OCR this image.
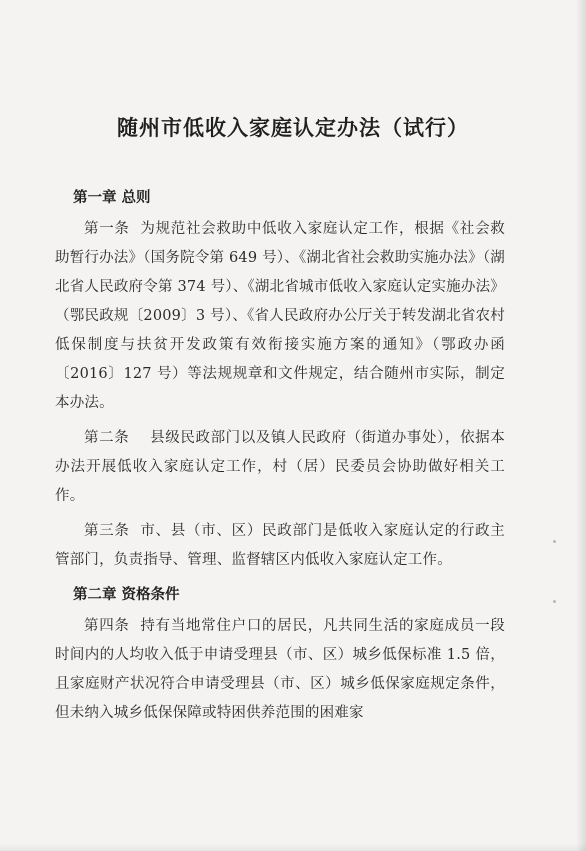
随州市低收入家庭认定办法（试行）
第一章 总则

第一条 为规范社会救助中低收入家庭认定工作，根据《社会救助暂行办法》（国务院令第 649 号）、《湖北省社会救助实施办法》（湖北省人民政府令第 374 号）、《湖北省城市低收入家庭认定实施办法》（鄂民政规〔2009〕3 号）、《省人民政府办公厅关于转发湖北省农村低保制度与扶贫开发政策有效衔接实施方案的通知》（鄂政办函〔2016〕127 号）等法规规章和文件规定，结合随州市实际，制定本办法。

第二条 县级民政部门以及镇人民政府（街道办事处），依据本办法开展低收入家庭认定工作，村（居）民委员会协助做好相关工作。

第三条 市、县（市、区）民政部门是低收入家庭认定的行政主管部门，负责指导、管理、监督辖区内低收入家庭认定工作。

第二章 资格条件

第四条 持有当地常住户口的居民，凡共同生活的家庭成员一段时间内的人均收入低于申请受理县（市、区）城乡低保标准 1.5 倍，且家庭财产状况符合申请受理县（市、区）城乡低保家庭规定条件，但未纳入城乡低保保障或特困供养范围的困难家
